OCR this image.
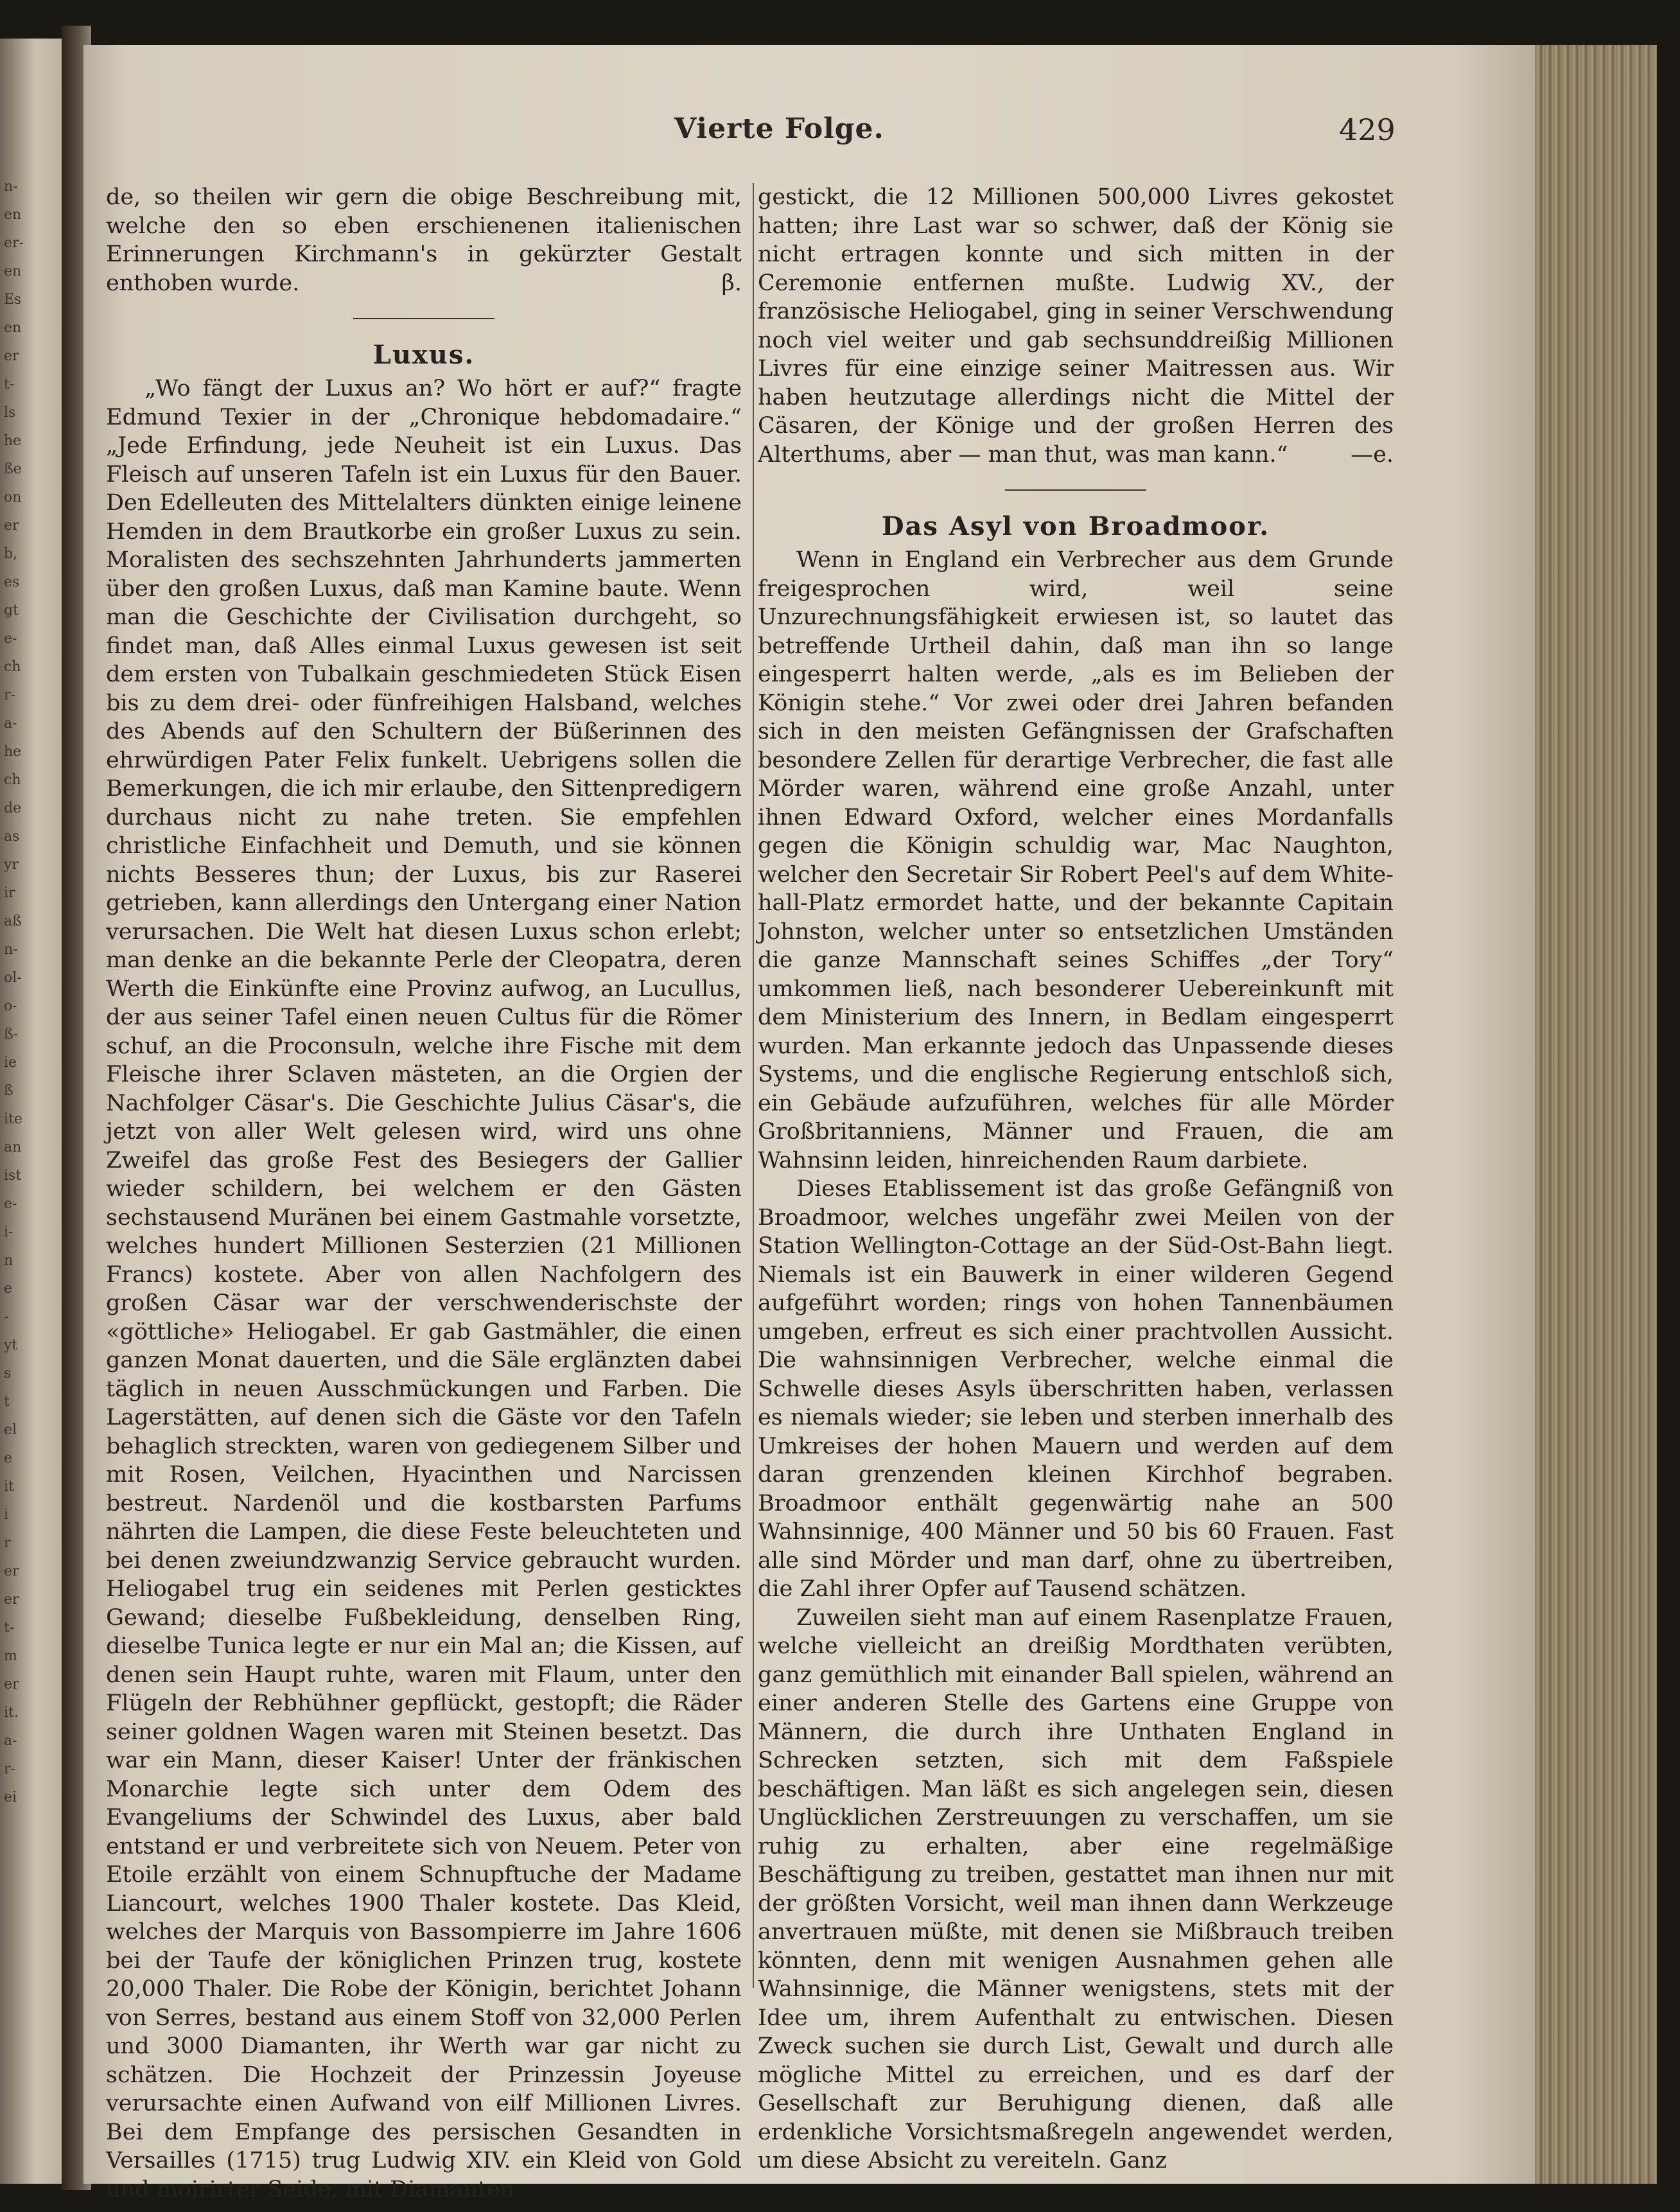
n-
en
er-
en
Es
en
er
t-
ls
he
ße
on
er
b,
es
gt
e-
ch
r-
a-
he
ch
de
as
yr
ir
aß
n-
ol-
o-
ß-
ie
ß
ite
an
ist
e-
i-
n
e
-
yt
s
t
el
e
it
i
r
er
er
t-
m
er
it.
a-
r-
ei
Vierte Folge.	429

de, so theilen wir gern die obige Beschreibung mit, welche den so eben erschienenen italienischen Erinnerungen Kirchmann's in gekürzter Gestalt enthoben wurde.	β.

Luxus.

„Wo fängt der Luxus an? Wo hört er auf?“ fragte Edmund Texier in der „Chronique hebdomadaire.“ „Jede Erfindung, jede Neuheit ist ein Luxus. Das Fleisch auf unseren Tafeln ist ein Luxus für den Bauer. Den Edelleuten des Mittelalters dünkten einige leinene Hemden in dem Brautkorbe ein großer Luxus zu sein. Moralisten des sechszehnten Jahrhunderts jammerten über den großen Luxus, daß man Kamine baute. Wenn man die Geschichte der Civilisation durchgeht, so findet man, daß Alles einmal Luxus gewesen ist seit dem ersten von Tubalkain geschmiedeten Stück Eisen bis zu dem drei- oder fünfreihigen Halsband, welches des Abends auf den Schultern der Büßerinnen des ehrwürdigen Pater Felix funkelt. Uebrigens sollen die Bemerkungen, die ich mir erlaube, den Sittenpredigern durchaus nicht zu nahe treten. Sie empfehlen christliche Einfachheit und Demuth, und sie können nichts Besseres thun; der Luxus, bis zur Raserei getrieben, kann allerdings den Untergang einer Nation verursachen. Die Welt hat diesen Luxus schon erlebt; man denke an die bekannte Perle der Cleopatra, deren Werth die Einkünfte eine Provinz aufwog, an Lucullus, der aus seiner Tafel einen neuen Cultus für die Römer schuf, an die Proconsuln, welche ihre Fische mit dem Fleische ihrer Sclaven mästeten, an die Orgien der Nachfolger Cäsar's. Die Geschichte Julius Cäsar's, die jetzt von aller Welt gelesen wird, wird uns ohne Zweifel das große Fest des Besiegers der Gallier wieder schildern, bei welchem er den Gästen sechstausend Muränen bei einem Gastmahle vorsetzte, welches hundert Millionen Sesterzien (21 Millionen Francs) kostete. Aber von allen Nachfolgern des großen Cäsar war der verschwenderischste der «göttliche» Heliogabel. Er gab Gastmähler, die einen ganzen Monat dauerten, und die Säle erglänzten dabei täglich in neuen Ausschmückungen und Farben. Die Lagerstätten, auf denen sich die Gäste vor den Tafeln behaglich streckten, waren von gediegenem Silber und mit Rosen, Veilchen, Hyacinthen und Narcissen bestreut. Nardenöl und die kostbarsten Parfums nährten die Lampen, die diese Feste beleuchteten und bei denen zweiundzwanzig Service gebraucht wurden. Heliogabel trug ein seidenes mit Perlen gesticktes Gewand; dieselbe Fußbekleidung, denselben Ring, dieselbe Tunica legte er nur ein Mal an; die Kissen, auf denen sein Haupt ruhte, waren mit Flaum, unter den Flügeln der Rebhühner gepflückt, gestopft; die Räder seiner goldnen Wagen waren mit Steinen besetzt. Das war ein Mann, dieser Kaiser! Unter der fränkischen Monarchie legte sich unter dem Odem des Evangeliums der Schwindel des Luxus, aber bald entstand er und verbreitete sich von Neuem. Peter von Etoile erzählt von einem Schnupftuche der Madame Liancourt, welches 1900 Thaler kostete. Das Kleid, welches der Marquis von Bassompierre im Jahre 1606 bei der Taufe der königlichen Prinzen trug, kostete 20,000 Thaler. Die Robe der Königin, berichtet Johann von Serres, bestand aus einem Stoff von 32,000 Perlen und 3000 Diamanten, ihr Werth war gar nicht zu schätzen. Die Hochzeit der Prinzessin Joyeuse verursachte einen Aufwand von eilf Millionen Livres. Bei dem Empfange des persischen Gesandten in Versailles (1715) trug Ludwig XIV. ein Kleid von Gold und moirirter Seide, mit Diamanten

gestickt, die 12 Millionen 500,000 Livres gekostet hatten; ihre Last war so schwer, daß der König sie nicht ertragen konnte und sich mitten in der Ceremonie entfernen mußte. Ludwig XV., der französische Heliogabel, ging in seiner Verschwendung noch viel weiter und gab sechsunddreißig Millionen Livres für eine einzige seiner Maitressen aus. Wir haben heutzutage allerdings nicht die Mittel der Cäsaren, der Könige und der großen Herren des Alterthums, aber — man thut, was man kann.“	—e.

Das Asyl von Broadmoor.

Wenn in England ein Verbrecher aus dem Grunde freigesprochen wird, weil seine Unzurechnungsfähigkeit erwiesen ist, so lautet das betreffende Urtheil dahin, daß man ihn so lange eingesperrt halten werde, „als es im Belieben der Königin stehe.“ Vor zwei oder drei Jahren befanden sich in den meisten Gefängnissen der Grafschaften besondere Zellen für derartige Verbrecher, die fast alle Mörder waren, während eine große Anzahl, unter ihnen Edward Oxford, welcher eines Mordanfalls gegen die Königin schuldig war, Mac Naughton, welcher den Secretair Sir Robert Peel's auf dem White-hall-Platz ermordet hatte, und der bekannte Capitain Johnston, welcher unter so entsetzlichen Umständen die ganze Mannschaft seines Schiffes „der Tory“ umkommen ließ, nach besonderer Uebereinkunft mit dem Ministerium des Innern, in Bedlam eingesperrt wurden. Man erkannte jedoch das Unpassende dieses Systems, und die englische Regierung entschloß sich, ein Gebäude aufzuführen, welches für alle Mörder Großbritanniens, Männer und Frauen, die am Wahnsinn leiden, hinreichenden Raum darbiete.

Dieses Etablissement ist das große Gefängniß von Broadmoor, welches ungefähr zwei Meilen von der Station Wellington-Cottage an der Süd-Ost-Bahn liegt. Niemals ist ein Bauwerk in einer wilderen Gegend aufgeführt worden; rings von hohen Tannenbäumen umgeben, erfreut es sich einer prachtvollen Aussicht. Die wahnsinnigen Verbrecher, welche einmal die Schwelle dieses Asyls überschritten haben, verlassen es niemals wieder; sie leben und sterben innerhalb des Umkreises der hohen Mauern und werden auf dem daran grenzenden kleinen Kirchhof begraben. Broadmoor enthält gegenwärtig nahe an 500 Wahnsinnige, 400 Männer und 50 bis 60 Frauen. Fast alle sind Mörder und man darf, ohne zu übertreiben, die Zahl ihrer Opfer auf Tausend schätzen.

Zuweilen sieht man auf einem Rasenplatze Frauen, welche vielleicht an dreißig Mordthaten verübten, ganz gemüthlich mit einander Ball spielen, während an einer anderen Stelle des Gartens eine Gruppe von Männern, die durch ihre Unthaten England in Schrecken setzten, sich mit dem Faßspiele beschäftigen. Man läßt es sich angelegen sein, diesen Unglücklichen Zerstreuungen zu verschaffen, um sie ruhig zu erhalten, aber eine regelmäßige Beschäftigung zu treiben, gestattet man ihnen nur mit der größten Vorsicht, weil man ihnen dann Werkzeuge anvertrauen müßte, mit denen sie Mißbrauch treiben könnten, denn mit wenigen Ausnahmen gehen alle Wahnsinnige, die Männer wenigstens, stets mit der Idee um, ihrem Aufenthalt zu entwischen. Diesen Zweck suchen sie durch List, Gewalt und durch alle mögliche Mittel zu erreichen, und es darf der Gesellschaft zur Beruhigung dienen, daß alle erdenkliche Vorsichtsmaßregeln angewendet werden, um diese Absicht zu vereiteln. Ganz
